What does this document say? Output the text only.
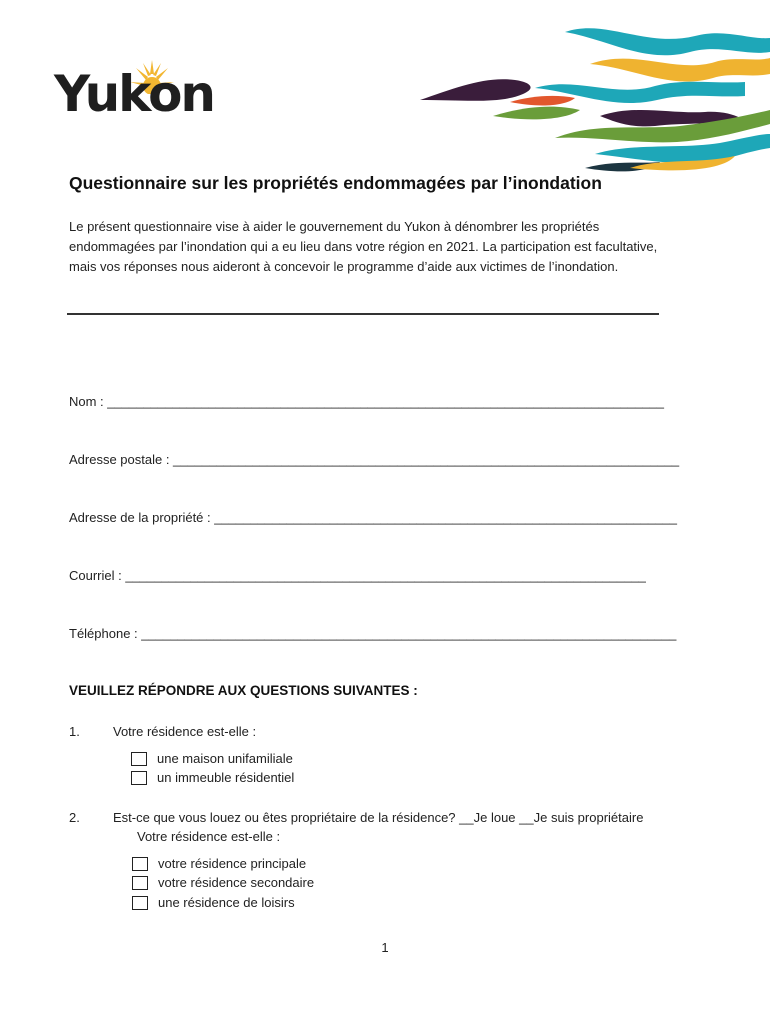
Yukon
Questionnaire sur les propriétés endommagées par l’inondation

Le présent questionnaire vise à aider le gouvernement du Yukon à dénombrer les propriétés endommagées par l’inondation qui a eu lieu dans votre région en 2021. La participation est facultative, mais vos réponses nous aideront à concevoir le programme d’aide aux victimes de l’inondation.

Nom : _____________________________________________________________________________
Adresse postale : ______________________________________________________________________
Adresse de la propriété : ________________________________________________________________
Courriel : ________________________________________________________________________
Téléphone : __________________________________________________________________________
VEUILLEZ RÉPONDRE AUX QUESTIONS SUIVANTES :
1.	Votre résidence est-elle :
une maison unifamiliale
un immeuble résidentiel
2.	Est-ce que vous louez ou êtes propriétaire de la résidence? __Je loue __Je suis propriétaire
Votre résidence est-elle :
votre résidence principale
votre résidence secondaire
une résidence de loisirs
1
